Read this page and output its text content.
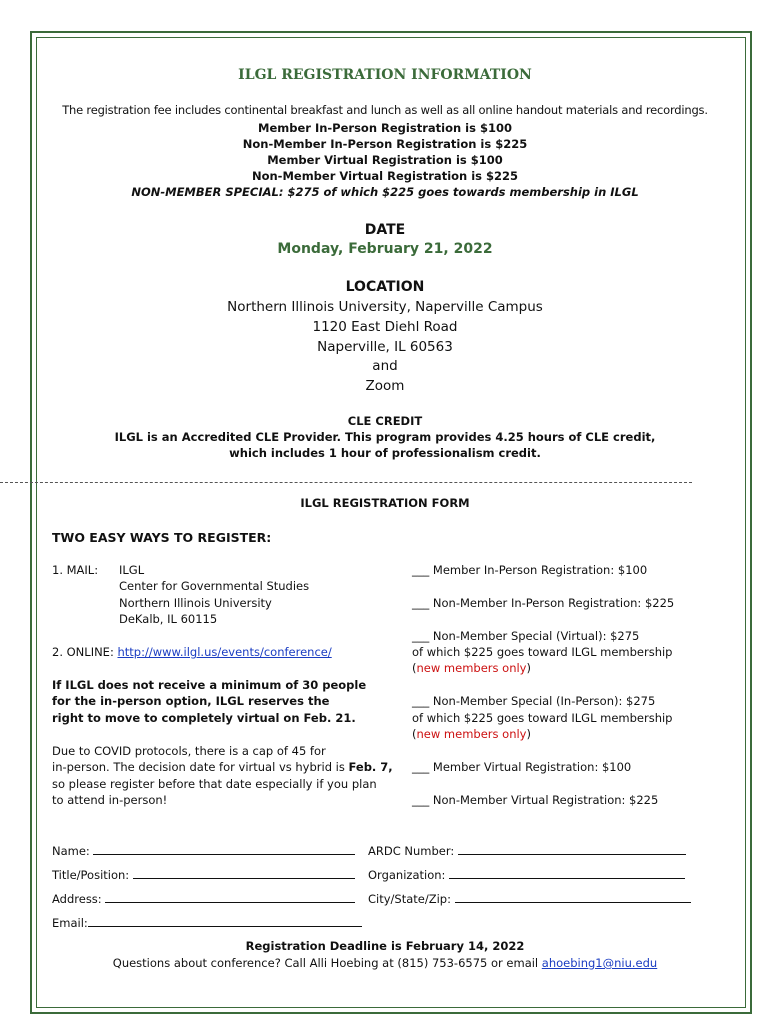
ILGL REGISTRATION INFORMATION
The registration fee includes continental breakfast and lunch as well as all online handout materials and recordings.
Member In-Person Registration is $100
Non-Member In-Person Registration is $225
Member Virtual Registration is $100
Non-Member Virtual Registration is $225
NON-MEMBER SPECIAL: $275 of which $225 goes towards membership in ILGL
DATE
Monday, February 21, 2022
LOCATION
Northern Illinois University, Naperville Campus
1120 East Diehl Road
Naperville, IL 60563
and
Zoom
CLE CREDIT
ILGL is an Accredited CLE Provider. This program provides 4.25 hours of CLE credit,
which includes 1 hour of professionalism credit.
ILGL REGISTRATION FORM
TWO EASY WAYS TO REGISTER:
1. MAIL: ILGL
Center for Governmental Studies
Northern Illinois University
DeKalb, IL 60115
2. ONLINE: http://www.ilgl.us/events/conference/
If ILGL does not receive a minimum of 30 people
for the in-person option, ILGL reserves the
right to move to completely virtual on Feb. 21.
Due to COVID protocols, there is a cap of 45 for
in-person. The decision date for virtual vs hybrid is Feb. 7,
so please register before that date especially if you plan
to attend in-person!
___ Member In-Person Registration: $100
___ Non-Member In-Person Registration: $225
___ Non-Member Special (Virtual): $275
of which $225 goes toward ILGL membership
(new members only)
___ Non-Member Special (In-Person): $275
of which $225 goes toward ILGL membership
(new members only)
___ Member Virtual Registration: $100
___ Non-Member Virtual Registration: $225
Name:	ARDC Number:
Title/Position:	Organization:
Address:	City/State/Zip:
Email:
Registration Deadline is February 14, 2022
Questions about conference? Call Alli Hoebing at (815) 753-6575 or email ahoebing1@niu.edu
